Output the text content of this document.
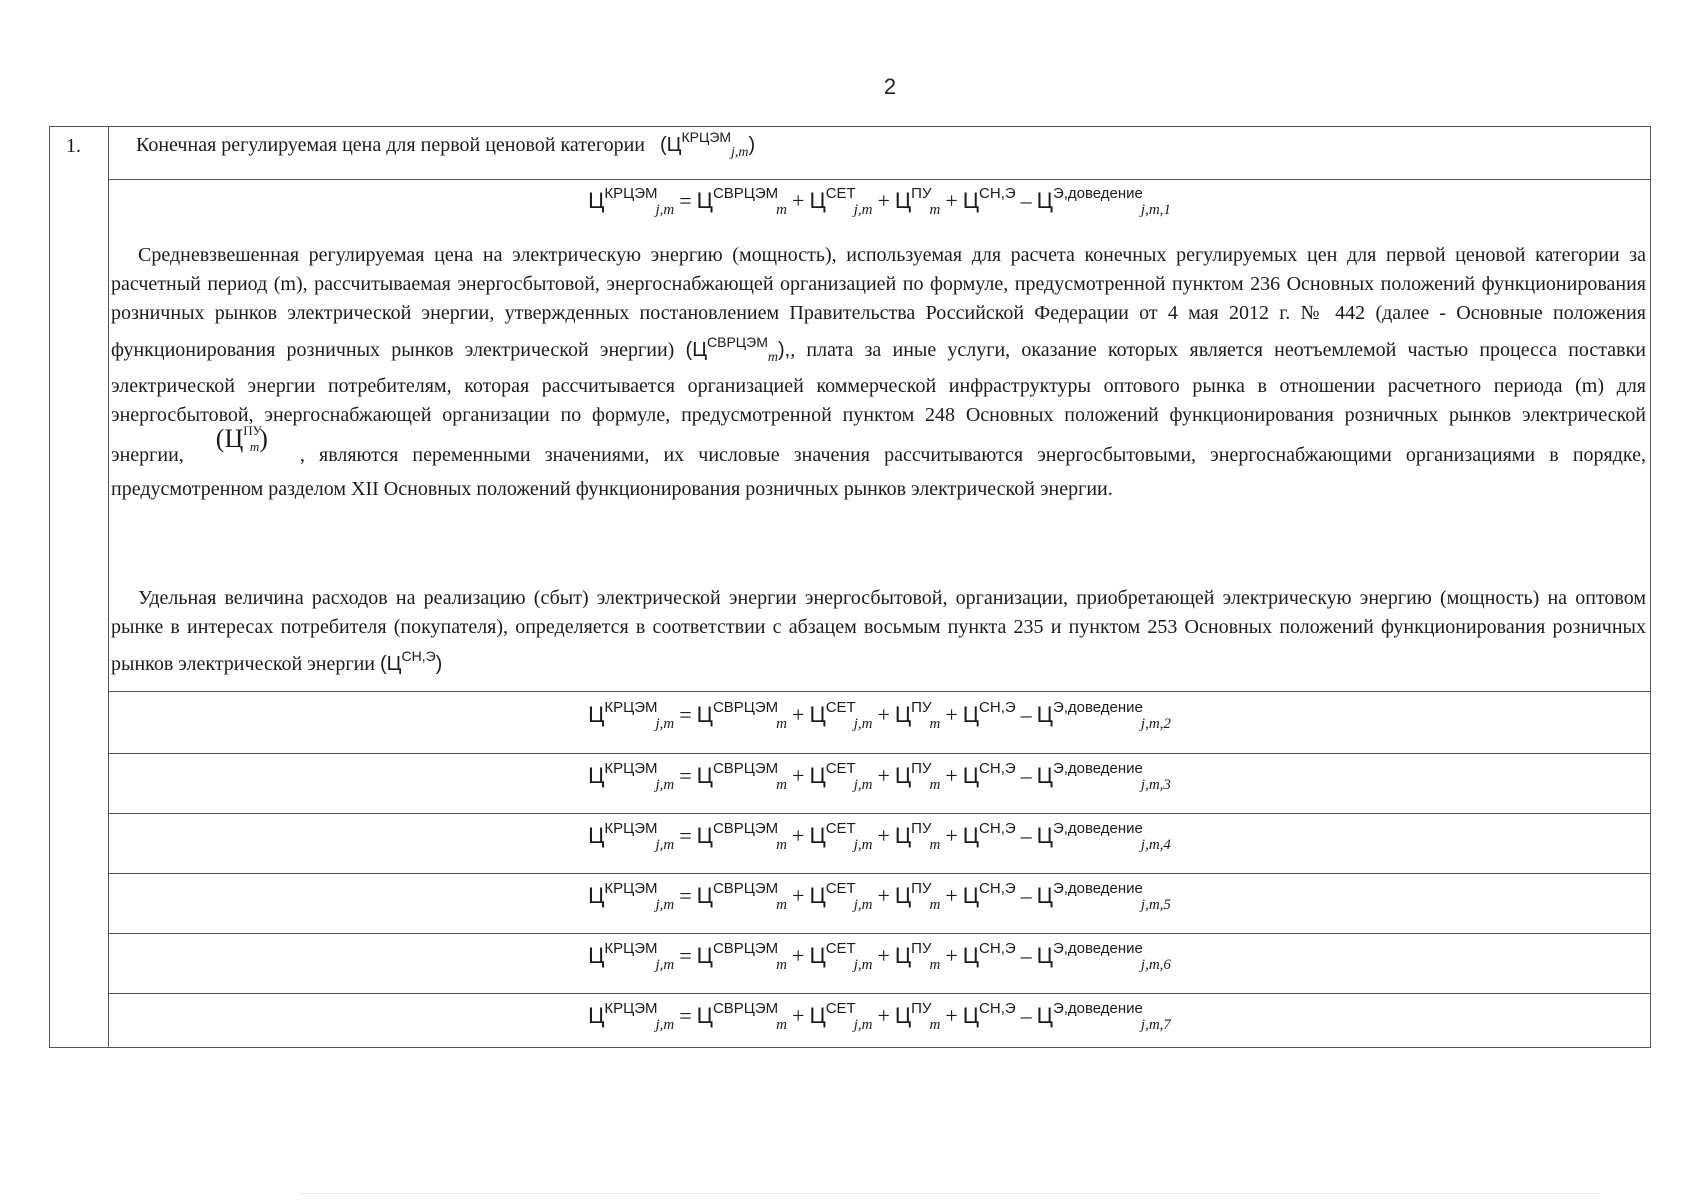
2
1.	Конечная регулируемая цена для первой ценовой категории $(Ц^{КРЦЭМ}_{j,m})$
$Ц^{КРЦЭМ}_{j,m} = Ц^{СВРЦЭМ}_m + Ц^{СЕТ}_{j,m} + Ц^{ПУ}_m + Ц^{СН,Э} - Ц^{Э,доведение}_{j,m,1}$
Средневзвешенная регулируемая цена на электрическую энергию (мощность), используемая для расчета конечных регулируемых цен для первой ценовой категории за расчетный период (m), рассчитываемая энергосбытовой, энергоснабжающей организацией по формуле, предусмотренной пунктом 236 Основных положений функционирования розничных рынков электрической энергии, утвержденных постановлением Правительства Российской Федерации от 4 мая 2012 г. № 442 (далее - Основные положения функционирования розничных рынков электрической энергии) $(Ц^{СВРЦЭМ}_m)$,, плата за иные услуги, оказание которых является неотъемлемой частью процесса поставки электрической энергии потребителям, которая рассчитывается организацией коммерческой инфраструктуры оптового рынка в отношении расчетного периода (m) для энергосбытовой, энергоснабжающей организации по формуле, предусмотренной пунктом 248 Основных положений функционирования розничных рынков электрической $энергии,(Ц^{ПУ}_m)$, являются переменными значениями, их числовые значения рассчитываются энергосбытовыми, энергоснабжающими организациями в порядке, предусмотренном разделом XII Основных положений функционирования розничных рынков электрической энергии.
Удельная величина расходов на реализацию (сбыт) электрической энергии энергосбытовой, организации, приобретающей электрическую энергию (мощность) на оптовом рынке в интересах потребителя (покупателя), определяется в соответствии с абзацем восьмым пункта 235 и пунктом 253 Основных положений функционирования розничных рынков электрической энергии $(Ц^{СН,Э})$
$Ц^{КРЦЭМ}_{j,m} = Ц^{СВРЦЭМ}_m + Ц^{СЕТ}_{j,m} + Ц^{ПУ}_m + Ц^{СН,Э} - Ц^{Э,доведение}_{j,m,2}$
$Ц^{КРЦЭМ}_{j,m} = Ц^{СВРЦЭМ}_m + Ц^{СЕТ}_{j,m} + Ц^{ПУ}_m + Ц^{СН,Э} - Ц^{Э,доведение}_{j,m,3}$
$Ц^{КРЦЭМ}_{j,m} = Ц^{СВРЦЭМ}_m + Ц^{СЕТ}_{j,m} + Ц^{ПУ}_m + Ц^{СН,Э} - Ц^{Э,доведение}_{j,m,4}$
$Ц^{КРЦЭМ}_{j,m} = Ц^{СВРЦЭМ}_m + Ц^{СЕТ}_{j,m} + Ц^{ПУ}_m + Ц^{СН,Э} - Ц^{Э,доведение}_{j,m,5}$
$Ц^{КРЦЭМ}_{j,m} = Ц^{СВРЦЭМ}_m + Ц^{СЕТ}_{j,m} + Ц^{ПУ}_m + Ц^{СН,Э} - Ц^{Э,доведение}_{j,m,6}$
$Ц^{КРЦЭМ}_{j,m} = Ц^{СВРЦЭМ}_m + Ц^{СЕТ}_{j,m} + Ц^{ПУ}_m + Ц^{СН,Э} - Ц^{Э,доведение}_{j,m,7}$
